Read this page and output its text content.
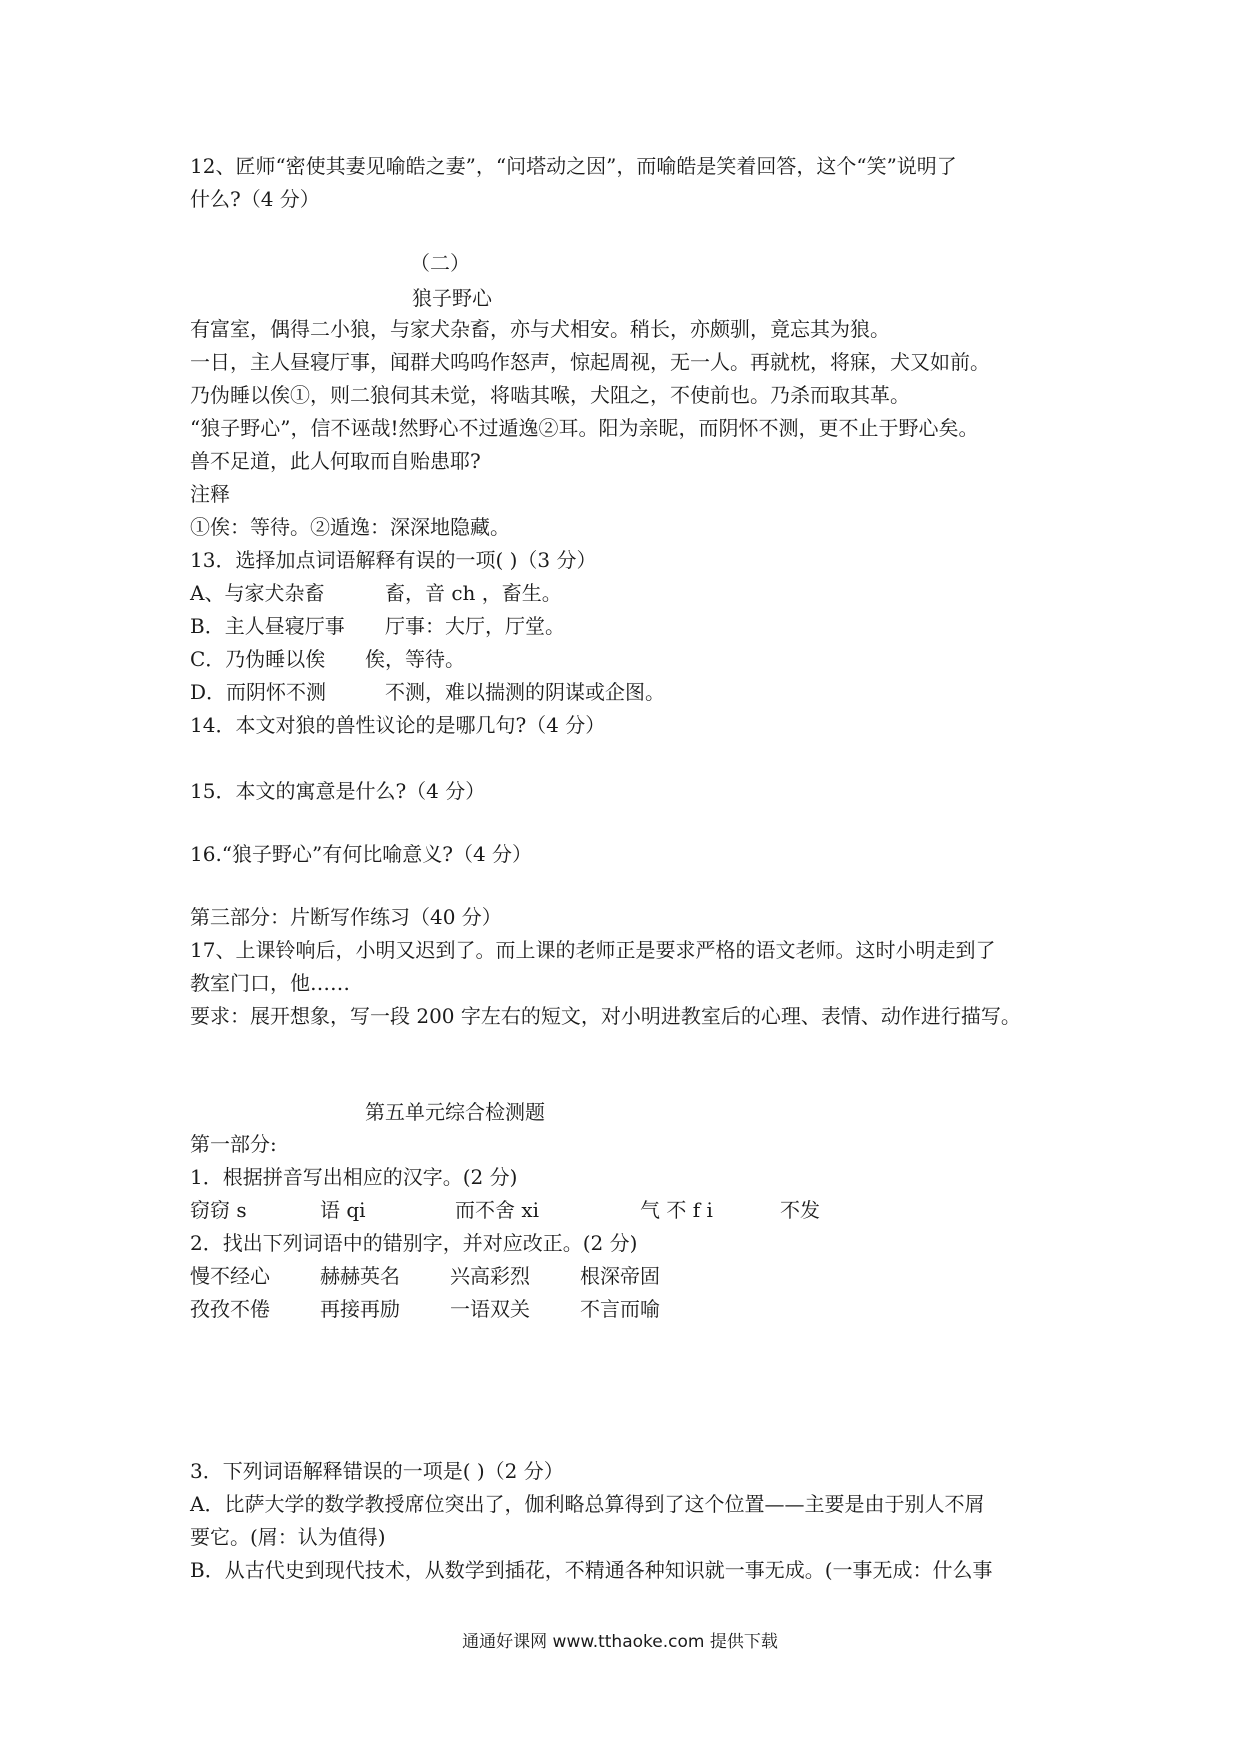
12、匠师“密使其妻见喻皓之妻”，“问塔动之因”，而喻皓是笑着回答，这个“笑”说明了
什么?（4 分）
（二）
狼子野心
有富室，偶得二小狼，与家犬杂畜，亦与犬相安。稍长，亦颇驯，竟忘其为狼。
一日，主人昼寝厅事，闻群犬呜呜作怒声，惊起周视，无一人。再就枕，将寐，犬又如前。
乃伪睡以俟①，则二狼伺其未觉，将啮其喉，犬阻之，不使前也。乃杀而取其革。
“狼子野心”，信不诬哉!然野心不过遁逸②耳。阳为亲昵，而阴怀不测，更不止于野心矣。
兽不足道，此人何取而自贻患耶?
注释
①俟：等待。②遁逸：深深地隐藏。
13．选择加点词语解释有误的一项( )（3 分）
A、与家犬杂畜	畜，音 ch ，畜生。
B．主人昼寝厅事	厅事：大厅，厅堂。
C．乃伪睡以俟	俟，等待。
D．而阴怀不测	不测，难以揣测的阴谋或企图。
14．本文对狼的兽性议论的是哪几句?（4 分）
15．本文的寓意是什么?（4 分）
16.“狼子野心”有何比喻意义?（4 分）
第三部分：片断写作练习（40 分）
17、上课铃响后，小明又迟到了。而上课的老师正是要求严格的语文老师。这时小明走到了
教室门口，他……
要求：展开想象，写一段 200 字左右的短文，对小明进教室后的心理、表情、动作进行描写。
第五单元综合检测题
第一部分:
1．根据拼音写出相应的汉字。(2 分)
窃窃 s	语 qi	而不舍 xi	气 不 f i	不发
2．找出下列词语中的错别字，并对应改正。(2 分)
慢不经心	赫赫英名	兴高彩烈	根深帝固
孜孜不倦	再接再励	一语双关	不言而喻
3．下列词语解释错误的一项是( )（2 分）
A．比萨大学的数学教授席位突出了，伽利略总算得到了这个位置——主要是由于别人不屑
要它。(屑：认为值得)
B．从古代史到现代技术，从数学到插花，不精通各种知识就一事无成。(一事无成：什么事
通通好课网 www.tthaoke.com 提供下载
